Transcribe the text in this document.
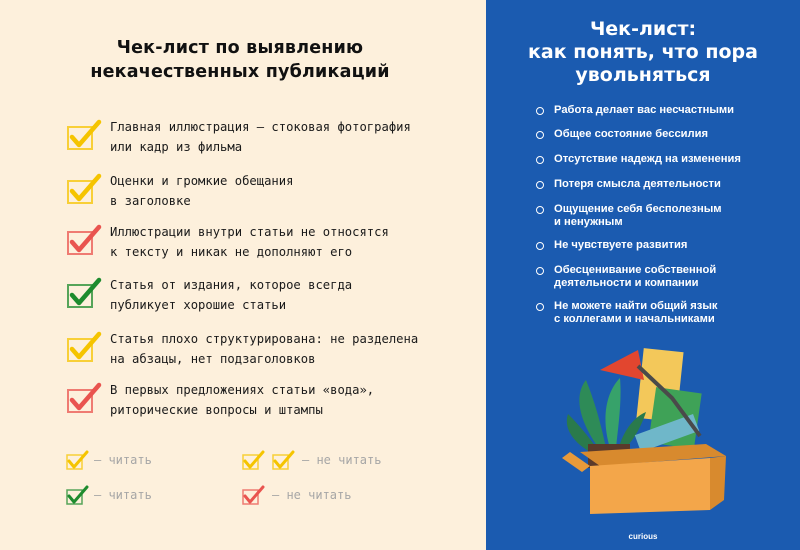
Чек-лист по выявлению
некачественных публикаций
Главная иллюстрация — стоковая фотография
или кадр из фильма
Оценки и громкие обещания
в заголовке
Иллюстрации внутри статьи не относятся
к тексту и никак не дополняют его
Статья от издания, которое всегда
публикует хорошие статьи
Статья плохо структурирована: не разделена
на абзацы, нет подзаголовков
В первых предложениях статьи «вода»,
риторические вопросы и штампы
— читать	— не читать
— читать	— не читать
Чек-лист:
как понять, что пора
увольняться
Работа делает вас несчастными
Общее состояние бессилия
Отсутствие надежд на изменения
Потеря смысла деятельности
Ощущение себя бесполезным
и ненужным
Не чувствуете развития
Обесценивание собственной
деятельности и компании
Не можете найти общий язык
с коллегами и начальниками
curious
